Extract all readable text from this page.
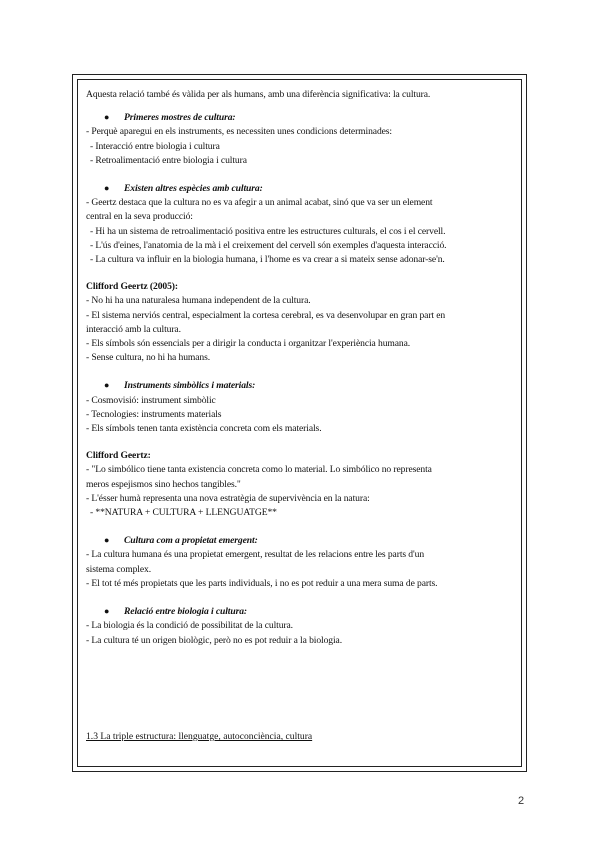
Aquesta relació també és vàlida per als humans, amb una diferència significativa: la cultura.
● Primeres mostres de cultura:
- Perquè aparegui en els instruments, es necessiten unes condicions determinades:
- Interacció entre biologia i cultura
- Retroalimentació entre biologia i cultura
● Existen altres espècies amb cultura:
- Geertz destaca que la cultura no es va afegir a un animal acabat, sinó que va ser un element
central en la seva producció:
- Hi ha un sistema de retroalimentació positiva entre les estructures culturals, el cos i el cervell.
- L'ús d'eines, l'anatomia de la mà i el creixement del cervell són exemples d'aquesta interacció.
- La cultura va influir en la biologia humana, i l'home es va crear a si mateix sense adonar-se'n.
Clifford Geertz (2005):
- No hi ha una naturalesa humana independent de la cultura.
- El sistema nerviós central, especialment la cortesa cerebral, es va desenvolupar en gran part en
interacció amb la cultura.
- Els símbols són essencials per a dirigir la conducta i organitzar l'experiència humana.
- Sense cultura, no hi ha humans.
● Instruments simbòlics i materials:
- Cosmovisió: instrument simbòlic
- Tecnologies: instruments materials
- Els símbols tenen tanta existència concreta com els materials.
Clifford Geertz:
- "Lo simbólico tiene tanta existencia concreta como lo material. Lo simbólico no representa
meros espejismos sino hechos tangibles."
- L'ésser humà representa una nova estratègia de supervivència en la natura:
- **NATURA + CULTURA + LLENGUATGE**
● Cultura com a propietat emergent:
- La cultura humana és una propietat emergent, resultat de les relacions entre les parts d'un
sistema complex.
- El tot té més propietats que les parts individuals, i no es pot reduir a una mera suma de parts.
● Relació entre biologia i cultura:
- La biologia és la condició de possibilitat de la cultura.
- La cultura té un origen biològic, però no es pot reduir a la biologia.
1.3 La triple estructura: llenguatge, autoconciència, cultura
2
